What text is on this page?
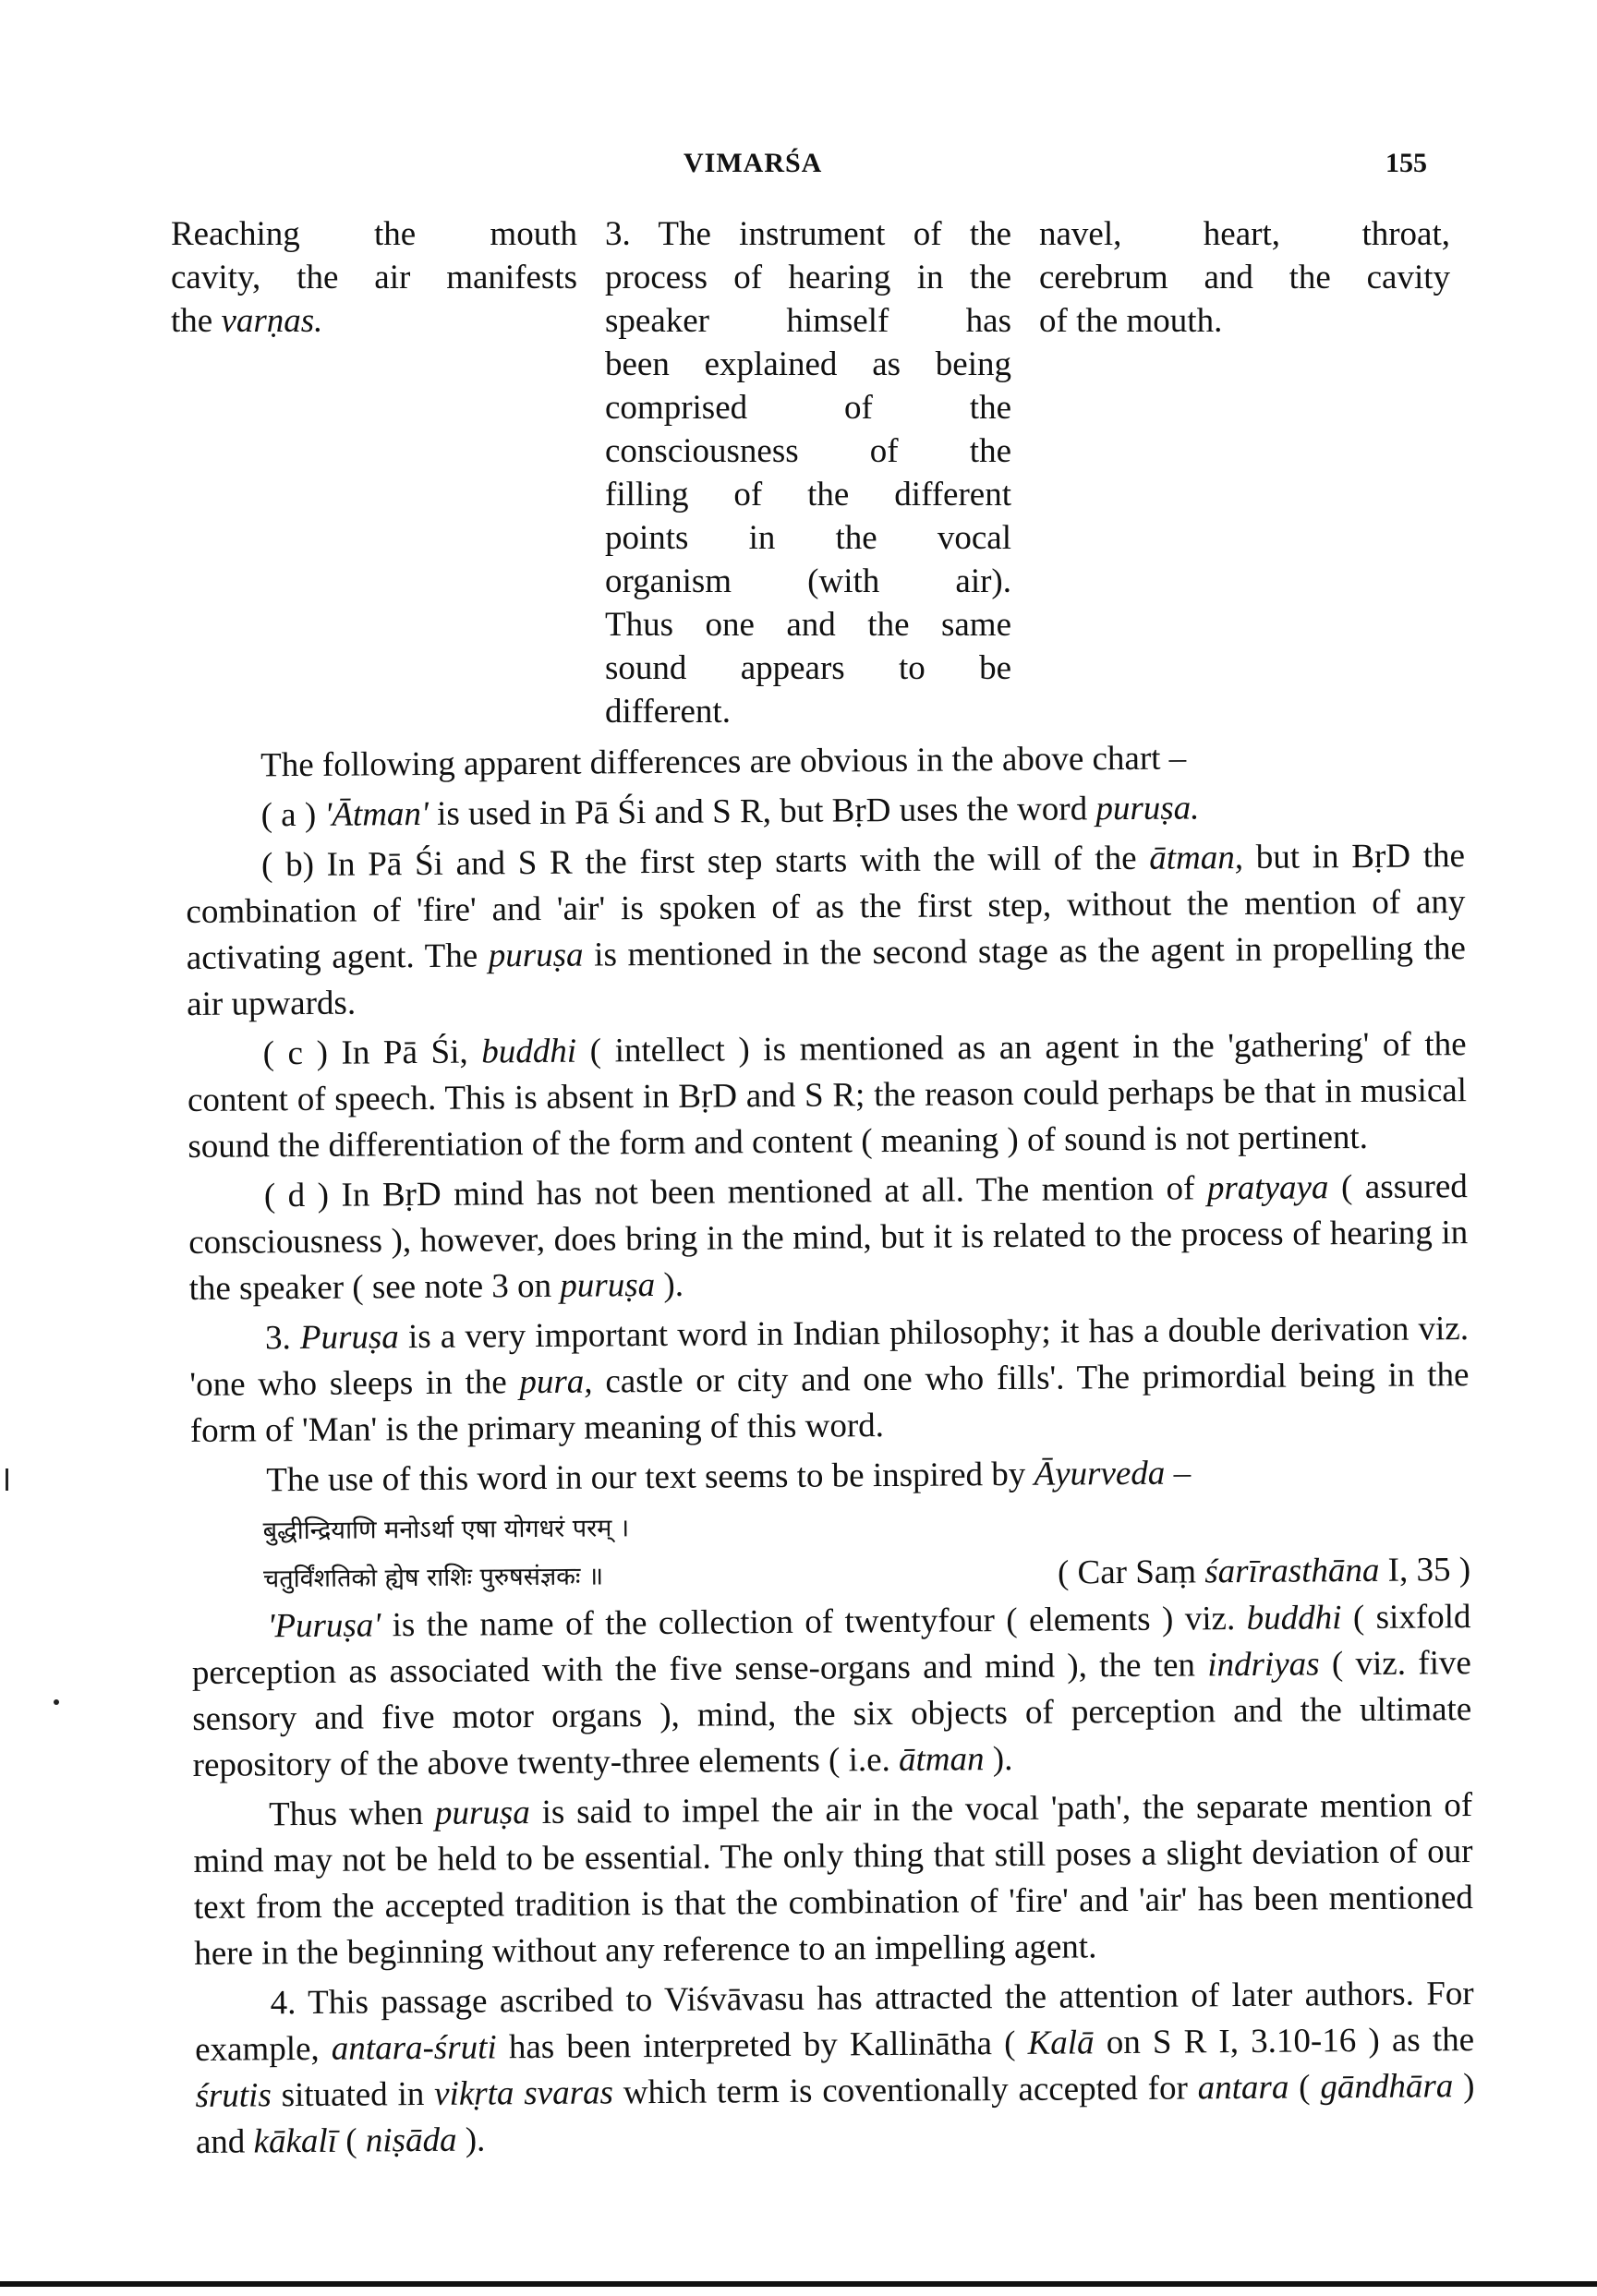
VIMARŚA	155
Reaching the mouth
cavity, the air manifests
the varṇas.
3. The instrument of the
process of hearing in the
speaker himself has
been explained as being
comprised of the
consciousness of the
filling of the different
points in the vocal
organism (with air).
Thus one and the same
sound appears to be
different.
navel, heart, throat,
cerebrum and the cavity
of the mouth.

The following apparent differences are obvious in the above chart –

( a ) 'Ātman' is used in Pā Śi and S R, but BṛD uses the word puruṣa.

( b) In Pā Śi and S R the first step starts with the will of the ātman, but in BṛD the combination of 'fire' and 'air' is spoken of as the first step, without the mention of any activating agent. The puruṣa is mentioned in the second stage as the agent in propelling the air upwards.

( c ) In Pā Śi, buddhi ( intellect ) is mentioned as an agent in the 'gathering' of the content of speech. This is absent in BṛD and S R; the reason could perhaps be that in musical sound the differentiation of the form and content ( meaning ) of sound is not pertinent.

( d ) In BṛD mind has not been mentioned at all. The mention of pratyaya ( assured consciousness ), however, does bring in the mind, but it is related to the process of hearing in the speaker ( see note 3 on puruṣa ).

3. Puruṣa is a very important word in Indian philosophy; it has a double derivation viz. 'one who sleeps in the pura, castle or city and one who fills'. The primordial being in the form of 'Man' is the primary meaning of this word.

The use of this word in our text seems to be inspired by Āyurveda –

बुद्धीन्द्रियाणि मनोऽर्था एषा योगधरं परम् ।
चतुर्विंशतिको ह्येष राशिः पुरुषसंज्ञकः ॥	( Car Saṃ śarīrasthāna I, 35 )

'Puruṣa' is the name of the collection of twentyfour ( elements ) viz. buddhi ( sixfold perception as associated with the five sense-organs and mind ), the ten indriyas ( viz. five sensory and five motor organs ), mind, the six objects of perception and the ultimate repository of the above twenty-three elements ( i.e. ātman ).

Thus when puruṣa is said to impel the air in the vocal 'path', the separate mention of mind may not be held to be essential. The only thing that still poses a slight deviation of our text from the accepted tradition is that the combination of 'fire' and 'air' has been mentioned here in the beginning without any reference to an impelling agent.

4. This passage ascribed to Viśvāvasu has attracted the attention of later authors. For example, antara-śruti has been interpreted by Kallinātha ( Kalā on S R I, 3.10-16 ) as the śrutis situated in vikṛta svaras which term is coventionally accepted for antara ( gāndhāra ) and kākalī ( niṣāda ).
